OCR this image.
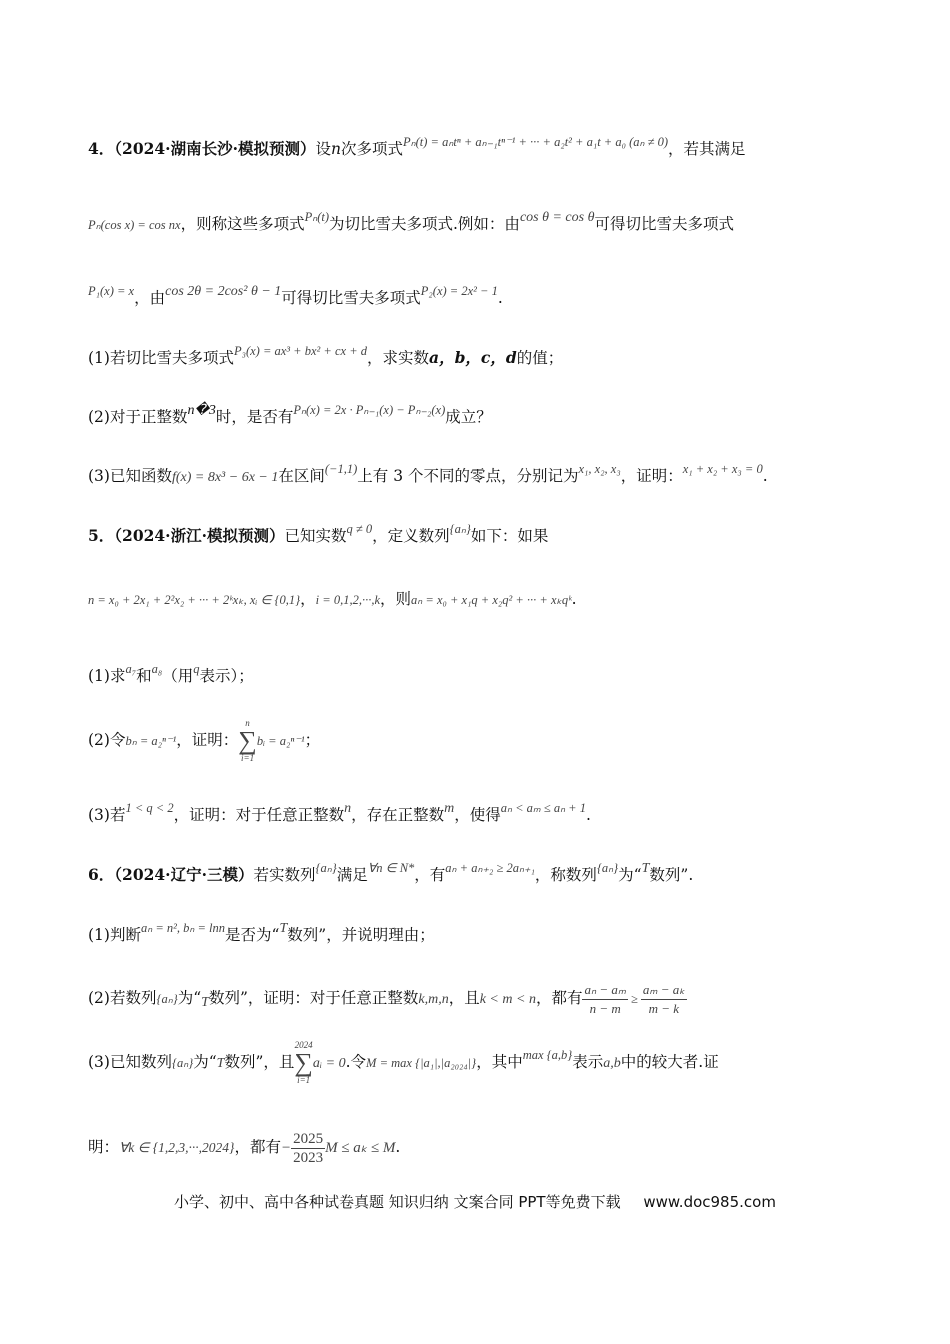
4．（2024·湖南长沙·模拟预测）设n次多项式$^{P_n(t) = a_nt^n + a_{n-1}t^{n-1} + \cdot\cdot\cdot + a_2t^2 + a_1t + a_0 (a_n \ne 0)}$，若其满足
Pₙ(cos x) = cos nx，则称这些多项式$^{P_n(t)}$为切比雪夫多项式.例如：由cos θ = cos θ可得切比雪夫多项式
$^{P_1(x) = x}$，由cos 2θ = 2cos² θ − 1可得切比雪夫多项式$^{P_2(x) = 2x^2 - 1}$.
(1)若切比雪夫多项式$^{P_3(x) = ax^3 + bx^2 + cx + d}$，求实数a，b，c，d的值；
(2)对于正整数n�3时，是否有$^{P_n(x) = 2x \cdot P_{n-1}(x) - P_{n-2}(x)}$成立？
(3)已知函数f(x) = 8x³ − 6x − 1在区间$^{(-1,1)}$上有 3 个不同的零点，分别记为$^{x_1, x_2, x_3}$，证明：$^{x_1 + x_2 + x_3 = 0}$.
5．（2024·浙江·模拟预测）已知实数$^{q \ne 0}$，定义数列$^{\{a_n\}}$如下：如果
n = x₀ + 2x₁ + 2²x₂ + ··· + 2ᵏxₖ, xᵢ ∈ {0,1}，i = 0,1,2,···,k，则aₙ = x₀ + x₁q + x₂q² + ··· + xₖqᵏ.
(1)求$^{a_7}$和$^{a_8}$（用$^q$表示）；
(2)令bₙ = a₂ⁿ⁻¹，证明：
n
∑
i=1
bᵢ = a₂ⁿ⁻¹；
(3)若$^{1 < q < 2}$，证明：对于任意正整数n，存在正整数m，使得$^{a_n < a_m \le a_n + 1}$.
6．（2024·辽宁·三模）若实数列$^{\{a_n\}}$满足$^{\forall n \in N*}$，有$^{a_n + a_{n+2} \ge 2a_{n+1}}$，称数列$^{\{a_n\}}$为“T数列”.
(1)判断$^{a_n = n^2, b_n = lnn}$是否为“T数列”，并说明理由；
(2)若数列{aₙ}为“T数列”，证明：对于任意正整数k,m,n，且k < m < n，都有 $\frac{\text{aₙ − aₘ}}{n - m} \ge \frac{\text{aₘ − aₖ}}{m - k}$
(3)已知数列{aₙ}为“T数列”，且
2024
∑
i=1
aᵢ = 0.令M = max {|a₁|,|a₂₀₂₄|}，其中$^{max \{a,b\}}$表示a,b中的较大者.证
明：∀k ∈ {1,2,3,···,2024}，都有− $\frac{2025}{2023}$ M ≤ aₖ ≤ M.
小学、初中、高中各种试卷真题 知识归纳 文案合同 PPT等免费下载 www.doc985.com
